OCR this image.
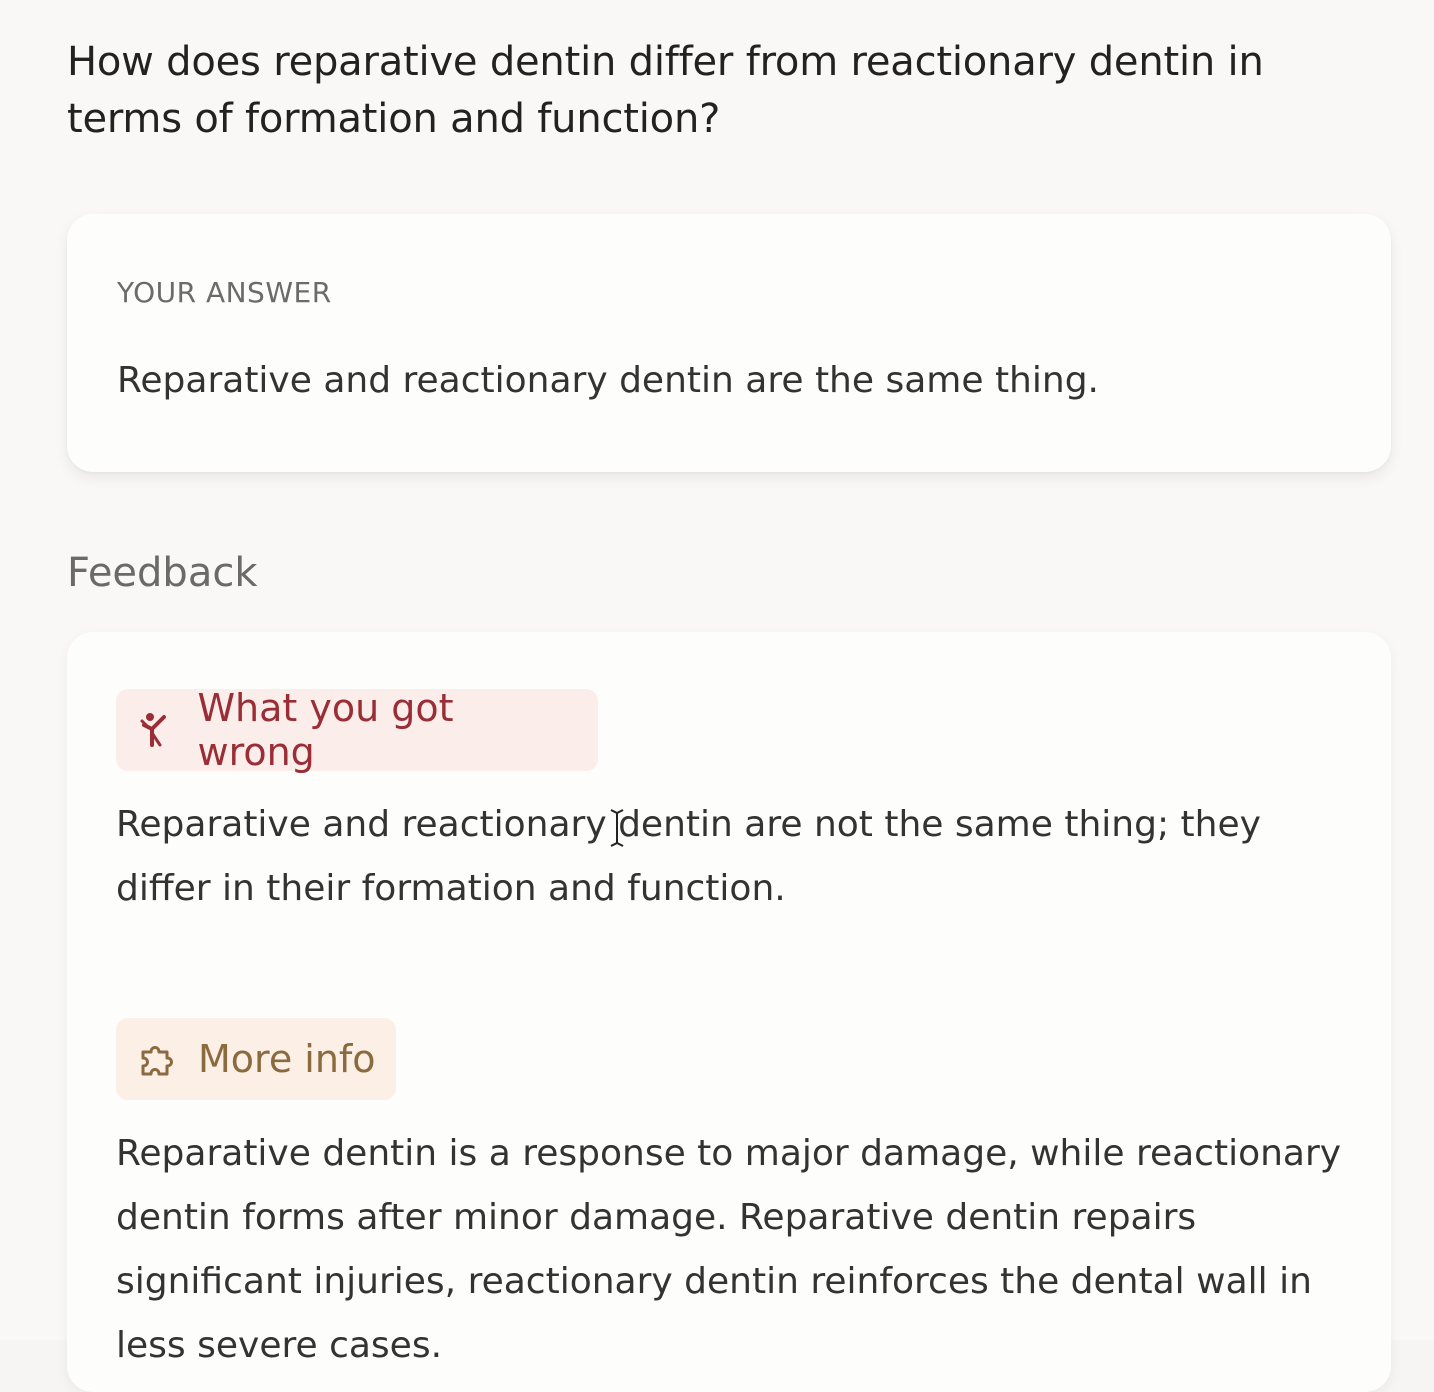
How does reparative dentin differ from reactionary dentin in terms of formation and function?
YOUR ANSWER
Reparative and reactionary dentin are the same thing.
Feedback
What you got wrong
Reparative and reactionary dentin are not the same thing; they differ in their formation and function.
More info
Reparative dentin is a response to major damage, while reactionary dentin forms after minor damage. Reparative dentin repairs significant injuries, reactionary dentin reinforces the dental wall in less severe cases.
